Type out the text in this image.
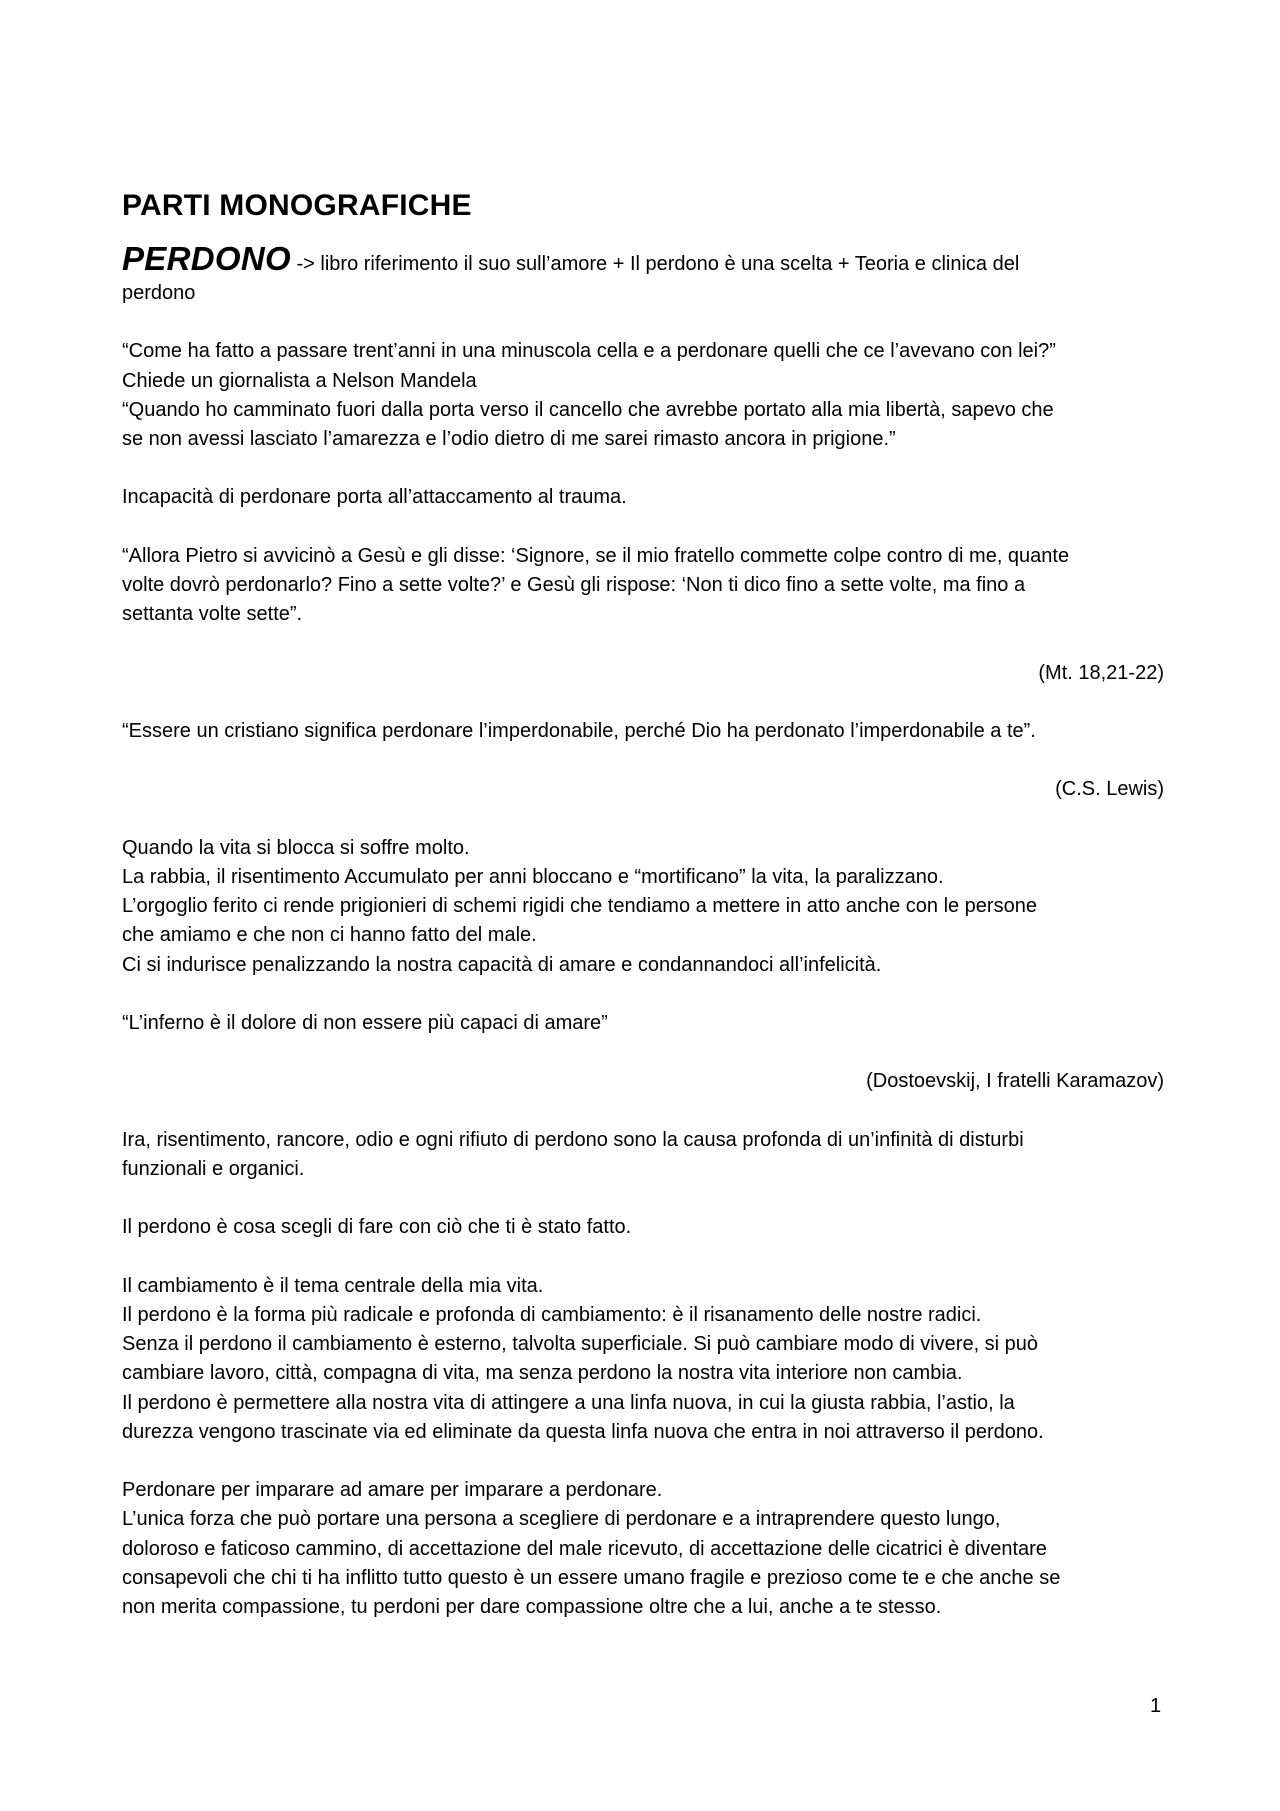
PARTI MONOGRAFICHE
PERDONO -> libro riferimento il suo sull’amore + Il perdono è una scelta + Teoria e clinica del
perdono
“Come ha fatto a passare trent’anni in una minuscola cella e a perdonare quelli che ce l’avevano con lei?”
Chiede un giornalista a Nelson Mandela
“Quando ho camminato fuori dalla porta verso il cancello che avrebbe portato alla mia libertà, sapevo che
se non avessi lasciato l’amarezza e l’odio dietro di me sarei rimasto ancora in prigione.”
Incapacità di perdonare porta all’attaccamento al trauma.
“Allora Pietro si avvicinò a Gesù e gli disse: ‘Signore, se il mio fratello commette colpe contro di me, quante
volte dovrò perdonarlo? Fino a sette volte?’ e Gesù gli rispose: ‘Non ti dico fino a sette volte, ma fino a
settanta volte sette”.
(Mt. 18,21-22)
“Essere un cristiano significa perdonare l’imperdonabile, perché Dio ha perdonato l’imperdonabile a te”.
(C.S. Lewis)
Quando la vita si blocca si soffre molto.
La rabbia, il risentimento Accumulato per anni bloccano e “mortificano” la vita, la paralizzano.
L’orgoglio ferito ci rende prigionieri di schemi rigidi che tendiamo a mettere in atto anche con le persone
che amiamo e che non ci hanno fatto del male.
Ci si indurisce penalizzando la nostra capacità di amare e condannandoci all’infelicità.
“L’inferno è il dolore di non essere più capaci di amare”
(Dostoevskij, I fratelli Karamazov)
Ira, risentimento, rancore, odio e ogni rifiuto di perdono sono la causa profonda di un’infinità di disturbi
funzionali e organici.
Il perdono è cosa scegli di fare con ciò che ti è stato fatto.
Il cambiamento è il tema centrale della mia vita.
Il perdono è la forma più radicale e profonda di cambiamento: è il risanamento delle nostre radici.
Senza il perdono il cambiamento è esterno, talvolta superficiale. Si può cambiare modo di vivere, si può
cambiare lavoro, città, compagna di vita, ma senza perdono la nostra vita interiore non cambia.
Il perdono è permettere alla nostra vita di attingere a una linfa nuova, in cui la giusta rabbia, l’astio, la
durezza vengono trascinate via ed eliminate da questa linfa nuova che entra in noi attraverso il perdono.
Perdonare per imparare ad amare per imparare a perdonare.
L’unica forza che può portare una persona a scegliere di perdonare e a intraprendere questo lungo,
doloroso e faticoso cammino, di accettazione del male ricevuto, di accettazione delle cicatrici è diventare
consapevoli che chi ti ha inflitto tutto questo è un essere umano fragile e prezioso come te e che anche se
non merita compassione, tu perdoni per dare compassione oltre che a lui, anche a te stesso.
1
